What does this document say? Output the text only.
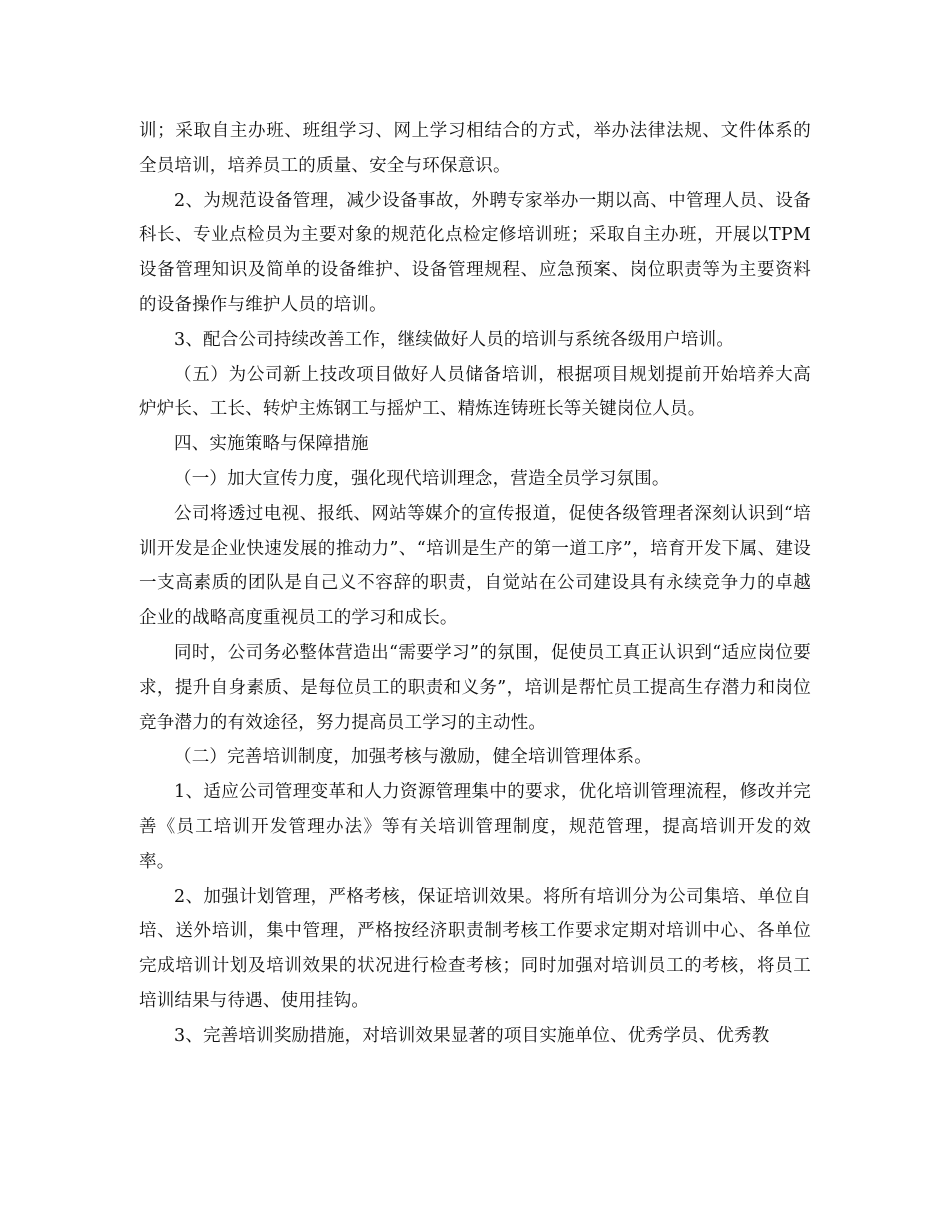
训；采取自主办班、班组学习、网上学习相结合的方式，举办法律法规、文件体系的全员培训，培养员工的质量、安全与环保意识。

2、为规范设备管理，减少设备事故，外聘专家举办一期以高、中管理人员、设备科长、专业点检员为主要对象的规范化点检定修培训班；采取自主办班，开展以TPM设备管理知识及简单的设备维护、设备管理规程、应急预案、岗位职责等为主要资料的设备操作与维护人员的培训。

3、配合公司持续改善工作，继续做好人员的培训与系统各级用户培训。

（五）为公司新上技改项目做好人员储备培训，根据项目规划提前开始培养大高炉炉长、工长、转炉主炼钢工与摇炉工、精炼连铸班长等关键岗位人员。

四、实施策略与保障措施

（一）加大宣传力度，强化现代培训理念，营造全员学习氛围。

公司将透过电视、报纸、网站等媒介的宣传报道，促使各级管理者深刻认识到“培训开发是企业快速发展的推动力”、“培训是生产的第一道工序”，培育开发下属、建设一支高素质的团队是自己义不容辞的职责，自觉站在公司建设具有永续竞争力的卓越企业的战略高度重视员工的学习和成长。

同时，公司务必整体营造出“需要学习”的氛围，促使员工真正认识到“适应岗位要求，提升自身素质、是每位员工的职责和义务”，培训是帮忙员工提高生存潜力和岗位竞争潜力的有效途径，努力提高员工学习的主动性。

（二）完善培训制度，加强考核与激励，健全培训管理体系。

1、适应公司管理变革和人力资源管理集中的要求，优化培训管理流程，修改并完善《员工培训开发管理办法》等有关培训管理制度，规范管理，提高培训开发的效率。

2、加强计划管理，严格考核，保证培训效果。将所有培训分为公司集培、单位自培、送外培训，集中管理，严格按经济职责制考核工作要求定期对培训中心、各单位完成培训计划及培训效果的状况进行检查考核；同时加强对培训员工的考核，将员工培训结果与待遇、使用挂钩。

3、完善培训奖励措施，对培训效果显著的项目实施单位、优秀学员、优秀教
